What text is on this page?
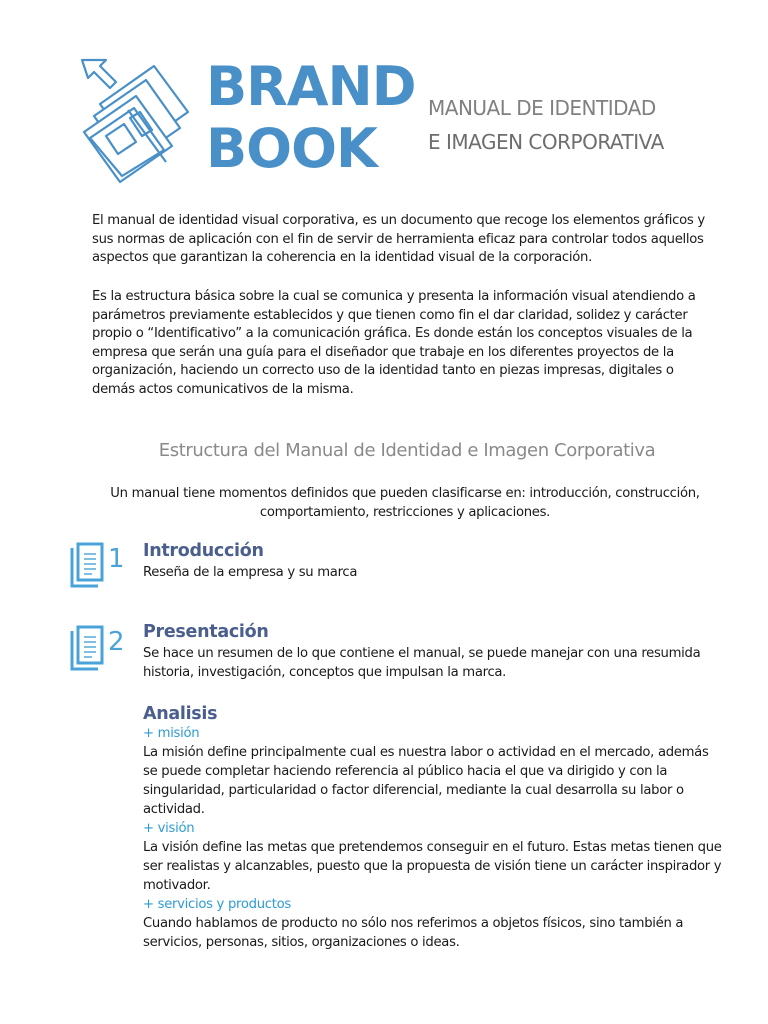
BRAND
BOOK
MANUAL DE IDENTIDAD
E IMAGEN CORPORATIVA

El manual de identidad visual corporativa, es un documento que recoge los elementos gráficos y sus normas de aplicación con el fin de servir de herramienta eficaz para controlar todos aquellos aspectos que garantizan la coherencia en la identidad visual de la corporación.

Es la estructura básica sobre la cual se comunica y presenta la información visual atendiendo a parámetros previamente establecidos y que tienen como fin el dar claridad, solidez y carácter propio o “Identificativo” a la comunicación gráfica. Es donde están los conceptos visuales de la empresa que serán una guía para el diseñador que trabaje en los diferentes proyectos de la organización, haciendo un correcto uso de la identidad tanto en piezas impresas, digitales o demás actos comunicativos de la misma.

Estructura del Manual de Identidad e Imagen Corporativa
Un manual tiene momentos definidos que pueden clasificarse en: introducción, construcción, comportamiento, restricciones y aplicaciones.
1 Introducción
Reseña de la empresa y su marca
2 Presentación
Se hace un resumen de lo que contiene el manual, se puede manejar con una resumida historia, investigación, conceptos que impulsan la marca.
Analisis
+ misión
La misión define principalmente cual es nuestra labor o actividad en el mercado, además se puede completar haciendo referencia al público hacia el que va dirigido y con la singularidad, particularidad o factor diferencial, mediante la cual desarrolla su labor o actividad.
+ visión
La visión define las metas que pretendemos conseguir en el futuro. Estas metas tienen que ser realistas y alcanzables, puesto que la propuesta de visión tiene un carácter inspirador y motivador.
+ servicios y productos
Cuando hablamos de producto no sólo nos referimos a objetos físicos, sino también a servicios, personas, sitios, organizaciones o ideas.
